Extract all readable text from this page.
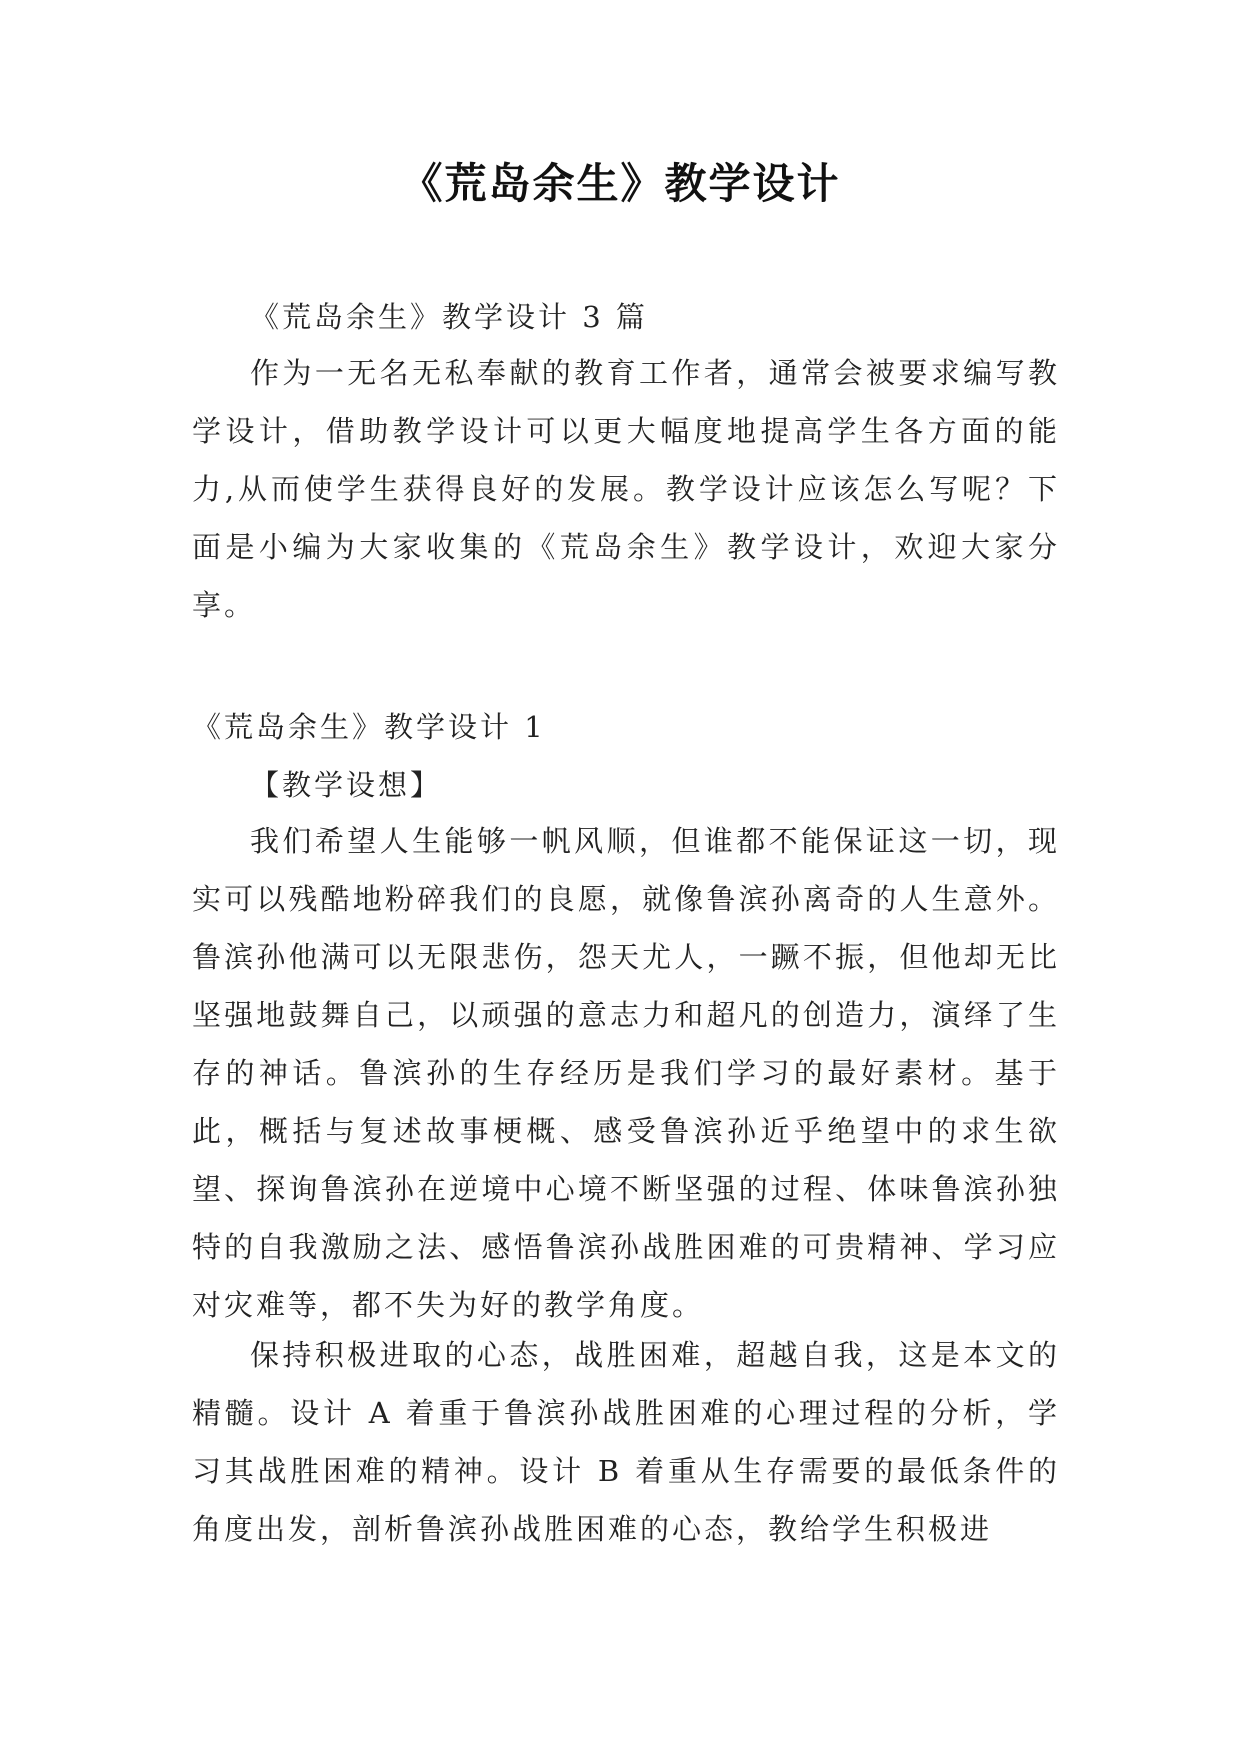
《荒岛余生》教学设计

《荒岛余生》教学设计 3 篇

作为一无名无私奉献的教育工作者，通常会被要求编写教学设计，借助教学设计可以更大幅度地提高学生各方面的能力,从而使学生获得良好的发展。教学设计应该怎么写呢？下面是小编为大家收集的《荒岛余生》教学设计，欢迎大家分享。

《荒岛余生》教学设计 1

【教学设想】

我们希望人生能够一帆风顺，但谁都不能保证这一切，现实可以残酷地粉碎我们的良愿，就像鲁滨孙离奇的人生意外。鲁滨孙他满可以无限悲伤，怨天尤人，一蹶不振，但他却无比坚强地鼓舞自己，以顽强的意志力和超凡的创造力，演绎了生存的神话。鲁滨孙的生存经历是我们学习的最好素材。基于此，概括与复述故事梗概、感受鲁滨孙近乎绝望中的求生欲望、探询鲁滨孙在逆境中心境不断坚强的过程、体味鲁滨孙独特的自我激励之法、感悟鲁滨孙战胜困难的可贵精神、学习应对灾难等，都不失为好的教学角度。

保持积极进取的心态，战胜困难，超越自我，这是本文的精髓。设计 A 着重于鲁滨孙战胜困难的心理过程的分析，学习其战胜困难的精神。设计 B 着重从生存需要的最低条件的角度出发，剖析鲁滨孙战胜困难的心态，教给学生积极进
